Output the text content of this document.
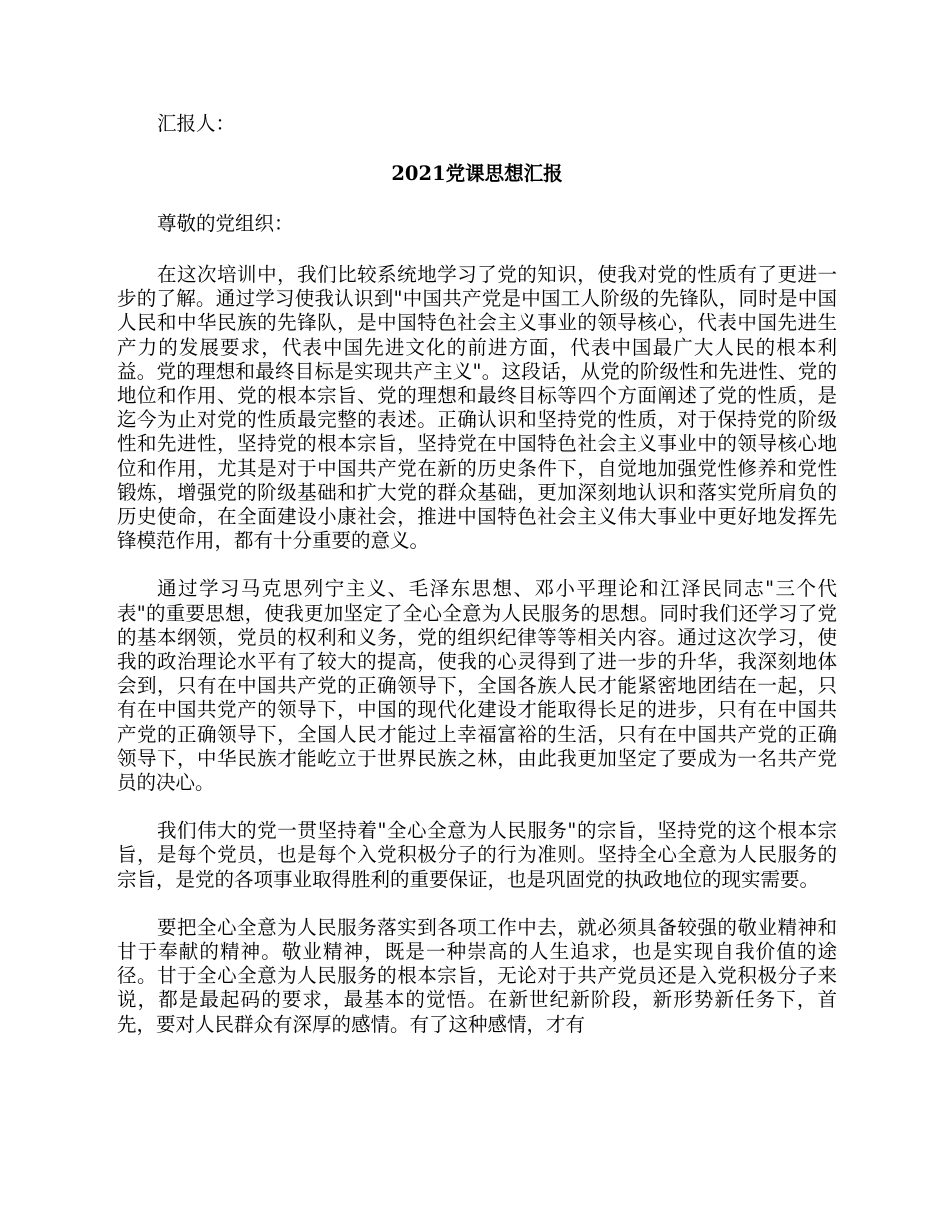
汇报人：
2021党课思想汇报
尊敬的党组织：

在这次培训中，我们比较系统地学习了党的知识，使我对党的性质有了更进一步的了解。通过学习使我认识到"中国共产党是中国工人阶级的先锋队，同时是中国人民和中华民族的先锋队，是中国特色社会主义事业的领导核心，代表中国先进生产力的发展要求，代表中国先进文化的前进方面，代表中国最广大人民的根本利益。党的理想和最终目标是实现共产主义"。这段话，从党的阶级性和先进性、党的地位和作用、党的根本宗旨、党的理想和最终目标等四个方面阐述了党的性质，是迄今为止对党的性质最完整的表述。正确认识和坚持党的性质，对于保持党的阶级性和先进性，坚持党的根本宗旨，坚持党在中国特色社会主义事业中的领导核心地位和作用，尤其是对于中国共产党在新的历史条件下，自觉地加强党性修养和党性锻炼，增强党的阶级基础和扩大党的群众基础，更加深刻地认识和落实党所肩负的历史使命，在全面建设小康社会，推进中国特色社会主义伟大事业中更好地发挥先锋模范作用，都有十分重要的意义。

通过学习马克思列宁主义、毛泽东思想、邓小平理论和江泽民同志"三个代表"的重要思想，使我更加坚定了全心全意为人民服务的思想。同时我们还学习了党的基本纲领，党员的权利和义务，党的组织纪律等等相关内容。通过这次学习，使我的政治理论水平有了较大的提高，使我的心灵得到了进一步的升华，我深刻地体会到，只有在中国共产党的正确领导下，全国各族人民才能紧密地团结在一起，只有在中国共党产的领导下，中国的现代化建设才能取得长足的进步，只有在中国共产党的正确领导下，全国人民才能过上幸福富裕的生活，只有在中国共产党的正确领导下，中华民族才能屹立于世界民族之林，由此我更加坚定了要成为一名共产党员的决心。

我们伟大的党一贯坚持着"全心全意为人民服务"的宗旨，坚持党的这个根本宗旨，是每个党员，也是每个入党积极分子的行为准则。坚持全心全意为人民服务的宗旨，是党的各项事业取得胜利的重要保证，也是巩固党的执政地位的现实需要。

要把全心全意为人民服务落实到各项工作中去，就必须具备较强的敬业精神和甘于奉献的精神。敬业精神，既是一种崇高的人生追求，也是实现自我价值的途径。甘于全心全意为人民服务的根本宗旨，无论对于共产党员还是入党积极分子来说，都是最起码的要求，最基本的觉悟。在新世纪新阶段，新形势新任务下，首先，要对人民群众有深厚的感情。有了这种感情，才有
